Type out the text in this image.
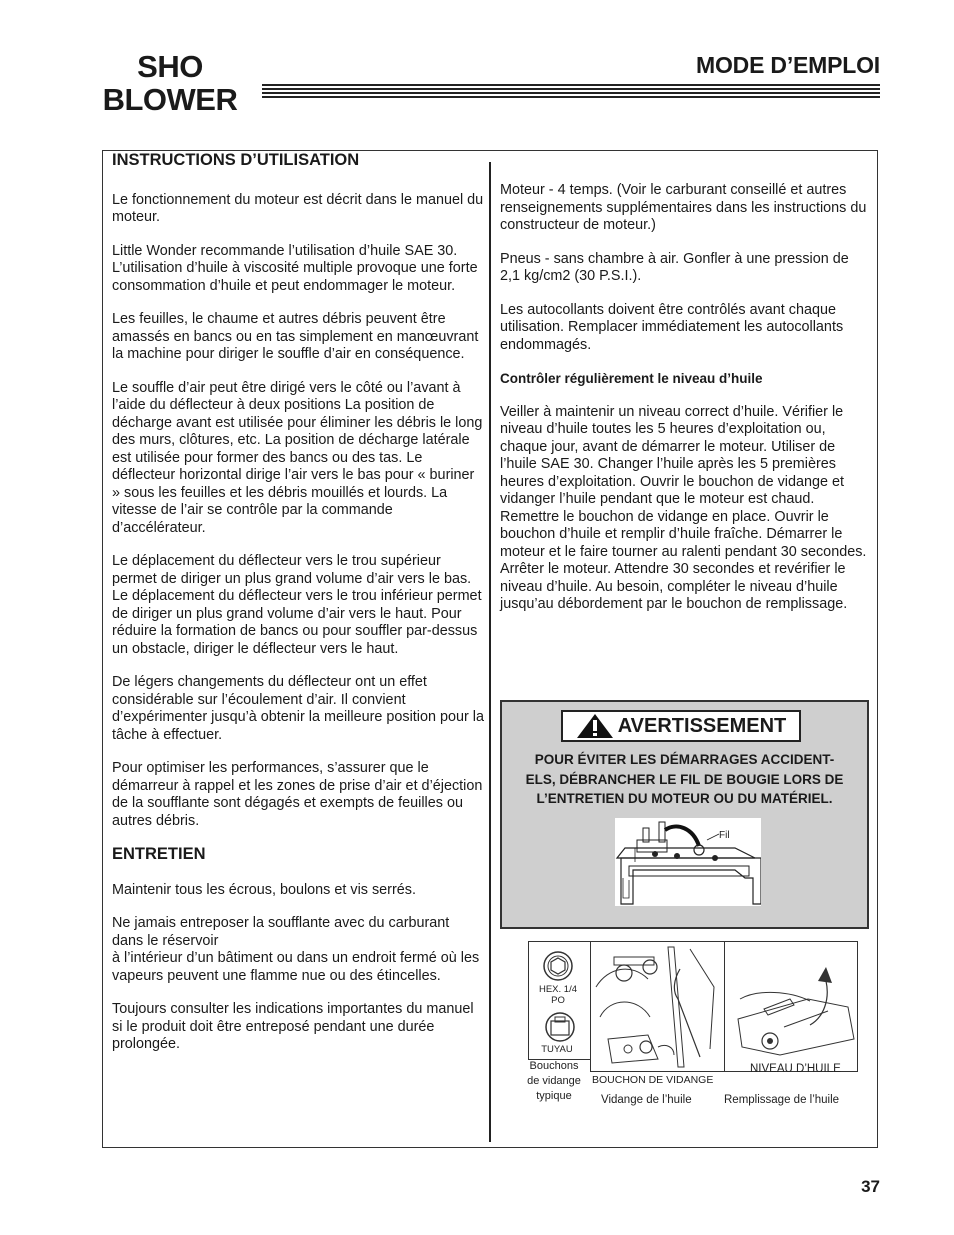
SHO
BLOWER
MODE D’EMPLOI
INSTRUCTIONS D’UTILISATION

Le fonctionnement du moteur est décrit dans le manuel du moteur.

Little Wonder recommande l’utilisation d’huile SAE 30. L’utilisation d’huile à viscosité multiple provoque une forte consommation d’huile et peut endommager le moteur.

Les feuilles, le chaume et autres débris peuvent être amassés en bancs ou en tas simplement en manœuvrant la machine pour diriger le souffle d’air en conséquence.

Le souffle d’air peut être dirigé vers le côté ou l’avant à l’aide du déflecteur à deux positions La position de décharge avant est utilisée pour éliminer les débris le long des murs, clôtures, etc. La position de décharge latérale est utilisée pour former des bancs ou des tas. Le déflecteur horizontal dirige l’air vers le bas pour « buriner » sous les feuilles et les débris mouillés et lourds. La vitesse de l’air se contrôle par la commande d’accélérateur.

Le déplacement du déflecteur vers le trou supérieur permet de diriger un plus grand volume d’air vers le bas. Le déplacement du déflecteur vers le trou inférieur permet de diriger un plus grand volume d’air vers le haut. Pour réduire la formation de bancs ou pour souffler par-dessus un obstacle, diriger le déflecteur vers le haut.

De légers changements du déflecteur ont un effet considérable sur l’écoulement d’air. Il convient d’expérimenter jusqu’à obtenir la meilleure position pour la tâche à effectuer.

Pour optimiser les performances, s’assurer que le démarreur à rappel et les zones de prise d’air et d’éjection de la soufflante sont dégagés et exempts de feuilles ou autres débris.

ENTRETIEN

Maintenir tous les écrous, boulons et vis serrés.

Ne jamais entreposer la soufflante avec du carburant dans le réservoir
à l’intérieur d’un bâtiment ou dans un endroit fermé où les vapeurs peuvent une flamme nue ou des étincelles.

Toujours consulter les indications importantes du manuel si le produit doit être entreposé pendant une durée prolongée.

Moteur - 4 temps. (Voir le carburant conseillé et autres renseignements supplémentaires dans les instructions du constructeur de moteur.)

Pneus - sans chambre à air. Gonfler à une pression de 2,1 kg/cm2 (30 P.S.I.).

Les autocollants doivent être contrôlés avant chaque utilisation. Remplacer immédiatement les autocollants endommagés.

Contrôler régulièrement le niveau d’huile

Veiller à maintenir un niveau correct d’huile. Vérifier le niveau d’huile toutes les 5 heures d’exploitation ou, chaque jour, avant de démarrer le moteur. Utiliser de l’huile SAE 30. Changer l’huile après les 5 premières heures d’exploitation. Ouvrir le bouchon de vidange et vidanger l’huile pendant que le moteur est chaud. Remettre le bouchon de vidange en place. Ouvrir le bouchon d’huile et remplir d’huile fraîche. Démarrer le moteur et le faire tourner au ralenti pendant 30 secondes. Arrêter le moteur. Attendre 30 secondes et revérifier le niveau d’huile. Au besoin, compléter le niveau d’huile jusqu’au débordement par le bouchon de remplissage.

AVERTISSEMENT
POUR ÉVITER LES DÉMARRAGES ACCIDENT-
ELS, DÉBRANCHER LE FIL DE BOUGIE LORS DE
L’ENTRETIEN DU MOTEUR OU DU MATÉRIEL.
Fil
HEX. 1/4
PO
TUYAU
BOUCHON DE VIDANGE
NIVEAU D’HUILE
Bouchons
de vidange
typique	Vidange de l’huile	Remplissage de l’huile
37
